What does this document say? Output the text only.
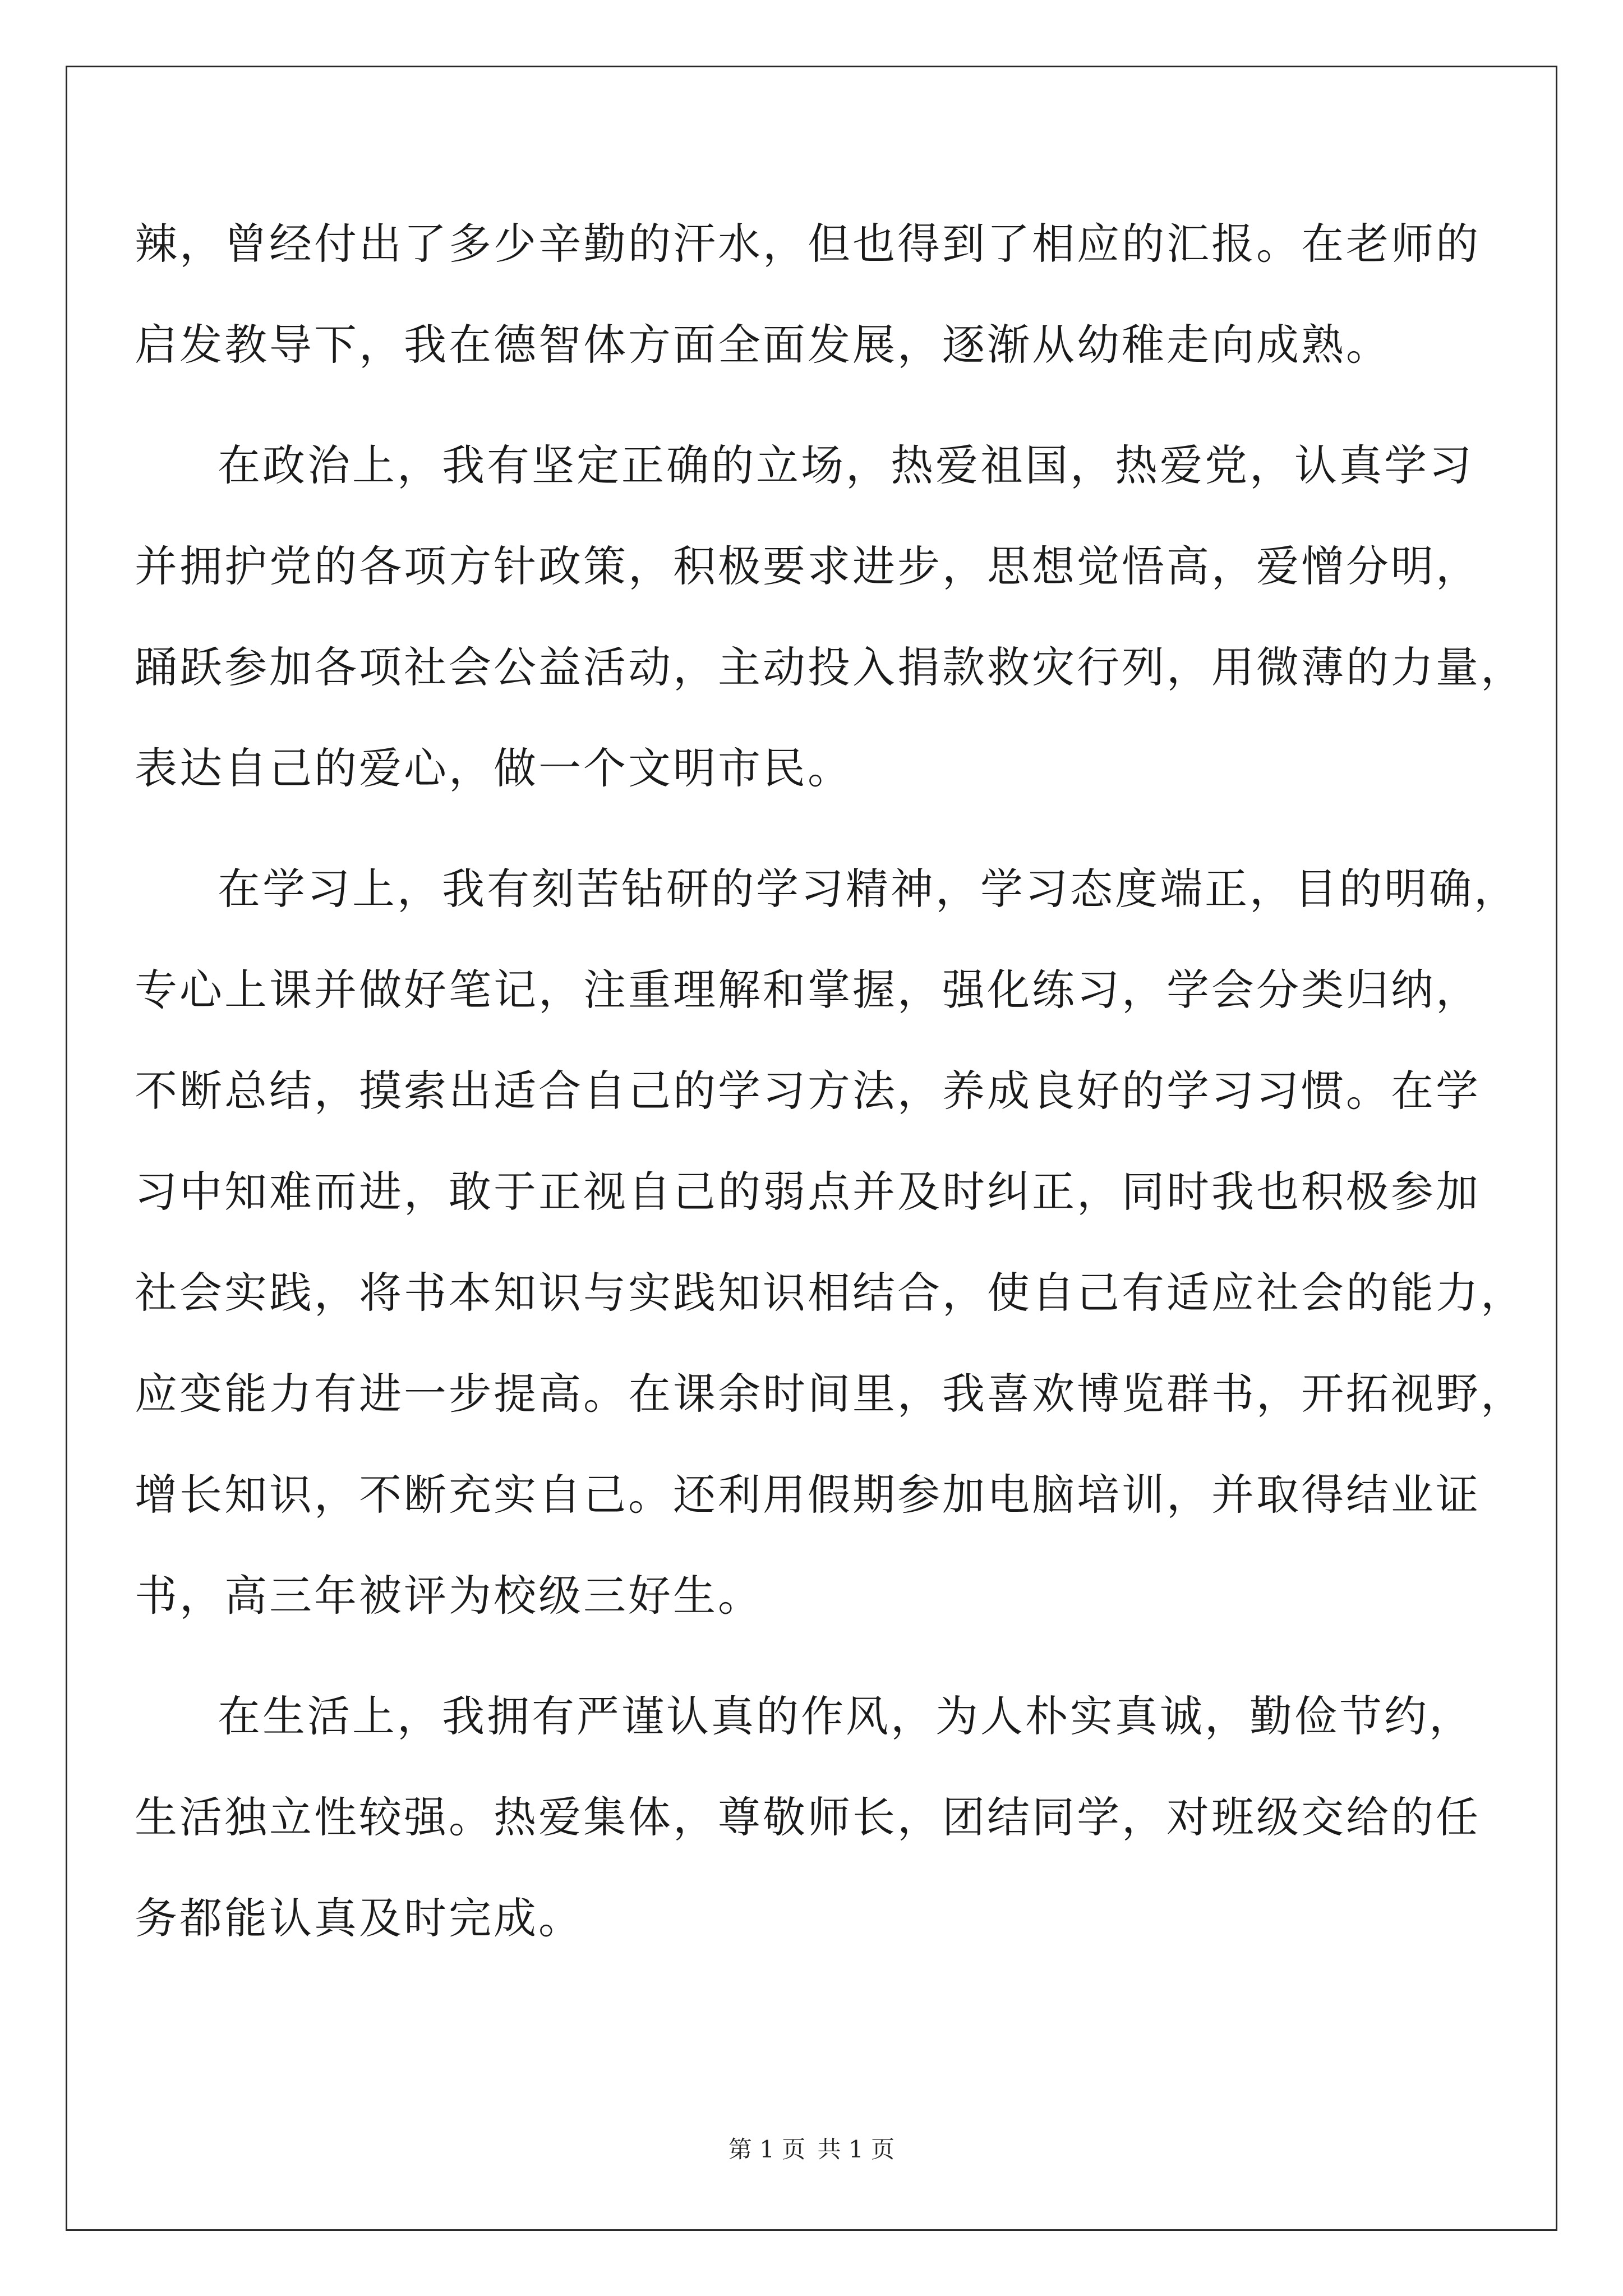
辣，曾经付出了多少辛勤的汗水，但也得到了相应的汇报。在老师的
启发教导下，我在德智体方面全面发展，逐渐从幼稚走向成熟。
在政治上，我有坚定正确的立场，热爱祖国，热爱党，认真学习
并拥护党的各项方针政策，积极要求进步，思想觉悟高，爱憎分明，
踊跃参加各项社会公益活动，主动投入捐款救灾行列，用微薄的力量，
表达自己的爱心，做一个文明市民。
在学习上，我有刻苦钻研的学习精神，学习态度端正，目的明确，
专心上课并做好笔记，注重理解和掌握，强化练习，学会分类归纳，
不断总结，摸索出适合自己的学习方法，养成良好的学习习惯。在学
习中知难而进，敢于正视自己的弱点并及时纠正，同时我也积极参加
社会实践，将书本知识与实践知识相结合，使自己有适应社会的能力，
应变能力有进一步提高。在课余时间里，我喜欢博览群书，开拓视野，
增长知识，不断充实自己。还利用假期参加电脑培训，并取得结业证
书，高三年被评为校级三好生。
在生活上，我拥有严谨认真的作风，为人朴实真诚，勤俭节约，
生活独立性较强。热爱集体，尊敬师长，团结同学，对班级交给的任
务都能认真及时完成。
第 1 页 共 1 页
